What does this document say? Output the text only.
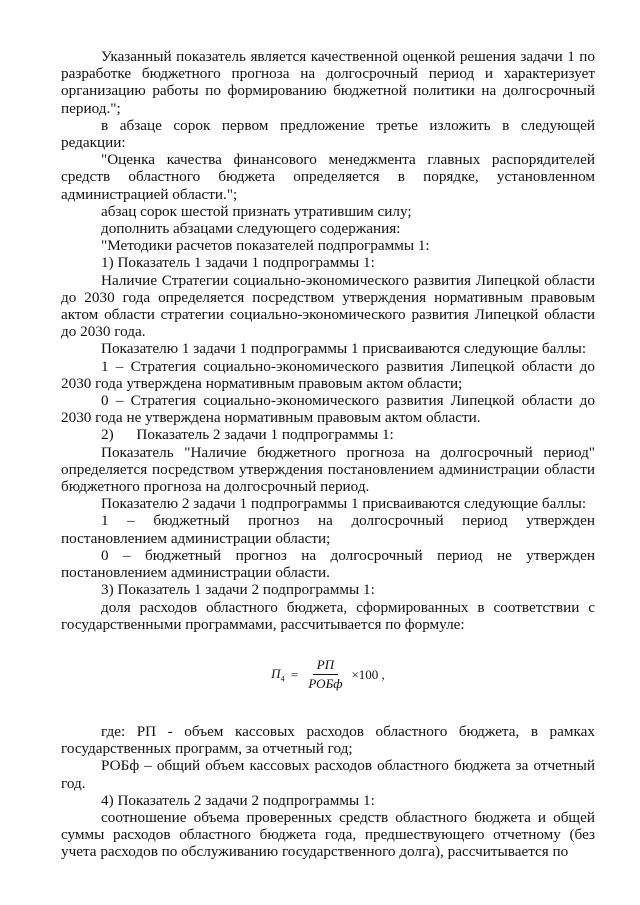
Указанный показатель является качественной оценкой решения задачи 1 по разработке бюджетного прогноза на долгосрочный период и характеризует организацию работы по формированию бюджетной политики на долгосрочный период.";

в абзаце сорок первом предложение третье изложить в следующей редакции:

"Оценка качества финансового менеджмента главных распорядителей средств областного бюджета определяется в порядке, установленном администрацией области.";

абзац сорок шестой признать утратившим силу;

дополнить абзацами следующего содержания:

"Методики расчетов показателей подпрограммы 1:

1) Показатель 1 задачи 1 подпрограммы 1:

Наличие Стратегии социально-экономического развития Липецкой области до 2030 года определяется посредством утверждения нормативным правовым актом области стратегии социально-экономического развития Липецкой области до 2030 года.

Показателю 1 задачи 1 подпрограммы 1 присваиваются следующие баллы:

1 – Стратегия социально-экономического развития Липецкой области до 2030 года утверждена нормативным правовым актом области;

0 – Стратегия социально-экономического развития Липецкой области до 2030 года не утверждена нормативным правовым актом области.

2)      Показатель 2 задачи 1 подпрограммы 1:

Показатель "Наличие бюджетного прогноза на долгосрочный период" определяется посредством утверждения постановлением администрации области бюджетного прогноза на долгосрочный период.

Показателю 2 задачи 1 подпрограммы 1 присваиваются следующие баллы:

1 – бюджетный прогноз на долгосрочный период утвержден постановлением администрации области;

0 – бюджетный прогноз на долгосрочный период не утвержден постановлением администрации области.

3) Показатель 1 задачи 2 подпрограммы 1:

доля расходов областного бюджета, сформированных в соответствии с государственными программами, рассчитывается по формуле:

$П_4 = \frac{РП}{\text{РОБф}} \times 100$ ,

где: РП - объем кассовых расходов областного бюджета, в рамках государственных программ, за отчетный год;

РОБф – общий объем кассовых расходов областного бюджета за отчетный год.

4) Показатель 2 задачи 2 подпрограммы 1:

соотношение объема проверенных средств областного бюджета и общей суммы расходов областного бюджета года, предшествующего отчетному (без учета расходов по обслуживанию государственного долга), рассчитывается по
